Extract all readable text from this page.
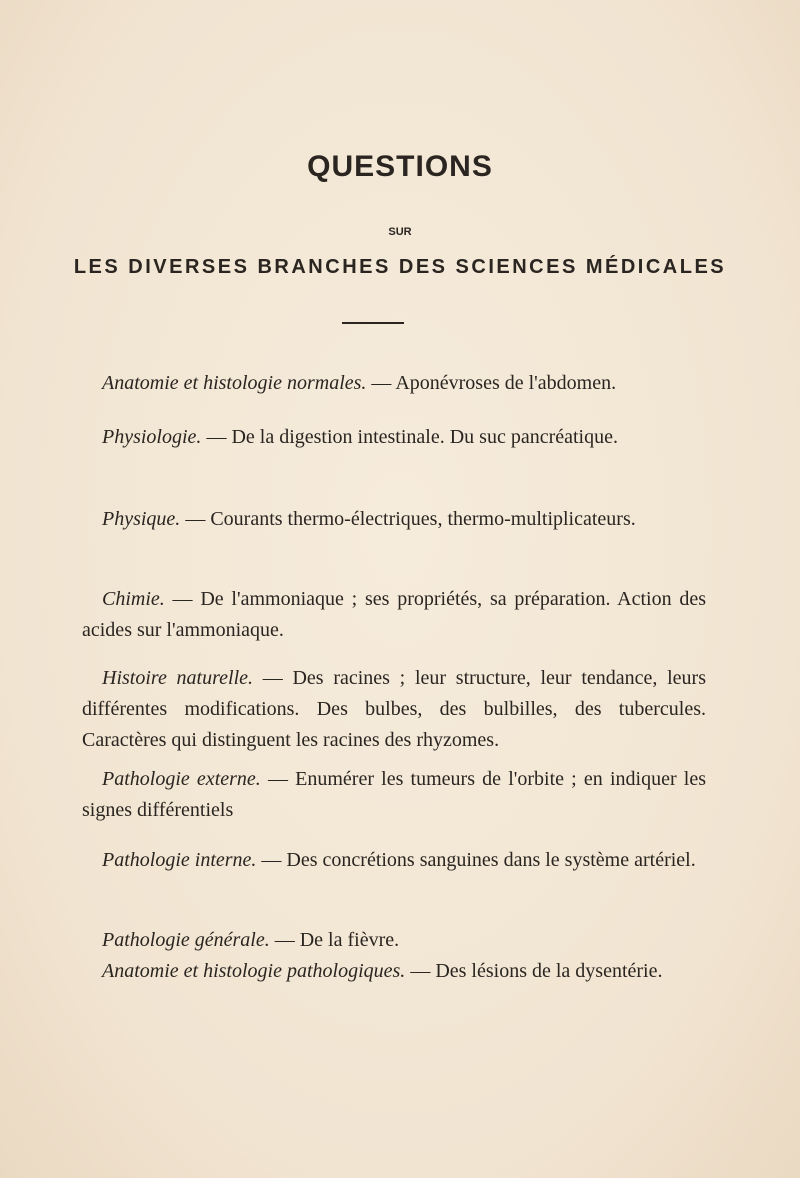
QUESTIONS
SUR
LES DIVERSES BRANCHES DES SCIENCES MÉDICALES
Anatomie et histologie normales. — Aponévroses de l'abdomen.
Physiologie. — De la digestion intestinale. Du suc pancréatique.
Physique. — Courants thermo-électriques, thermo-multiplicateurs.
Chimie. — De l'ammoniaque ; ses propriétés, sa préparation. Action des acides sur l'ammoniaque.
Histoire naturelle. — Des racines ; leur structure, leur tendance, leurs différentes modifications. Des bulbes, des bulbilles, des tubercules. Caractères qui distinguent les racines des rhyzomes.
Pathologie externe. — Enumérer les tumeurs de l'orbite ; en indiquer les signes différentiels
Pathologie interne. — Des concrétions sanguines dans le système artériel.
Pathologie générale. — De la fièvre.
Anatomie et histologie pathologiques. — Des lésions de la dysentérie.
